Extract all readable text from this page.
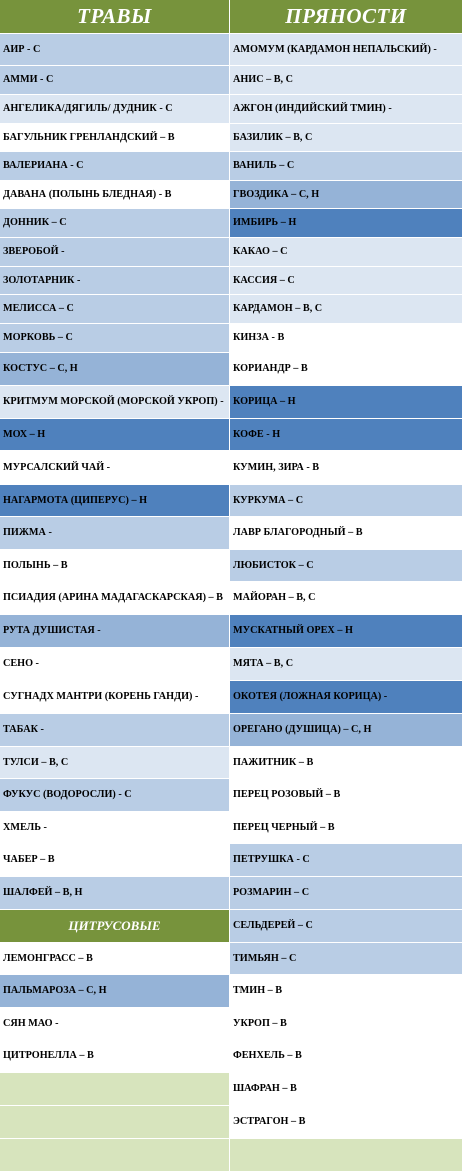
ТРАВЫ
АИР - С
АММИ - С
АНГЕЛИКА/ДЯГИЛЬ/ ДУДНИК - С
БАГУЛЬНИК ГРЕНЛАНДСКИЙ – В
ВАЛЕРИАНА - С
ДАВАНА (ПОЛЫНЬ БЛЕДНАЯ) - В
ДОННИК – С
ЗВЕРОБОЙ -
ЗОЛОТАРНИК -
МЕЛИССА – С
МОРКОВЬ – С
КОСТУС – С, Н
КРИТМУМ МОРСКОЙ (МОРСКОЙ УКРОП) -
МОХ – Н
МУРСАЛСКИЙ ЧАЙ -
НАГАРМОТА (ЦИПЕРУС) – Н
ПИЖМА -
ПОЛЫНЬ – В
ПСИАДИЯ (АРИНА МАДАГАСКАРСКАЯ) – В
РУТА ДУШИСТАЯ -
СЕНО -
СУГНАДХ МАНТРИ (КОРЕНЬ ГАНДИ) -
ТАБАК -
ТУЛСИ – В, С
ФУКУС (ВОДОРОСЛИ) - С
ХМЕЛЬ -
ЧАБЕР – В
ШАЛФЕЙ – В, Н
ЦИТРУСОВЫЕ
ЛЕМОНГРАСС – В
ПАЛЬМАРОЗА – С, Н
СЯН МАО -
ЦИТРОНЕЛЛА – В
ПРЯНОСТИ
АМОМУМ (КАРДАМОН НЕПАЛЬСКИЙ) -
АНИС – В, С
АЖГОН (ИНДИЙСКИЙ ТМИН) -
БАЗИЛИК – В, С
ВАНИЛЬ – С
ГВОЗДИКА – С, Н
ИМБИРЬ – Н
КАКАО – С
КАССИЯ – С
КАРДАМОН – В, С
КИНЗА - В
КОРИАНДР – В
КОРИЦА – Н
КОФЕ - Н
КУМИН, ЗИРА - В
КУРКУМА – С
ЛАВР БЛАГОРОДНЫЙ – В
ЛЮБИСТОК – С
МАЙОРАН – В, С
МУСКАТНЫЙ ОРЕХ – Н
МЯТА – В, С
ОКОТЕЯ (ЛОЖНАЯ КОРИЦА) -
ОРЕГАНО (ДУШИЦА) – С, Н
ПАЖИТНИК – В
ПЕРЕЦ РОЗОВЫЙ – В
ПЕРЕЦ ЧЕРНЫЙ – В
ПЕТРУШКА - С
РОЗМАРИН – С
СЕЛЬДЕРЕЙ – С
ТИМЬЯН – С
ТМИН – В
УКРОП – В
ФЕНХЕЛЬ – В
ШАФРАН – В
ЭСТРАГОН – В
